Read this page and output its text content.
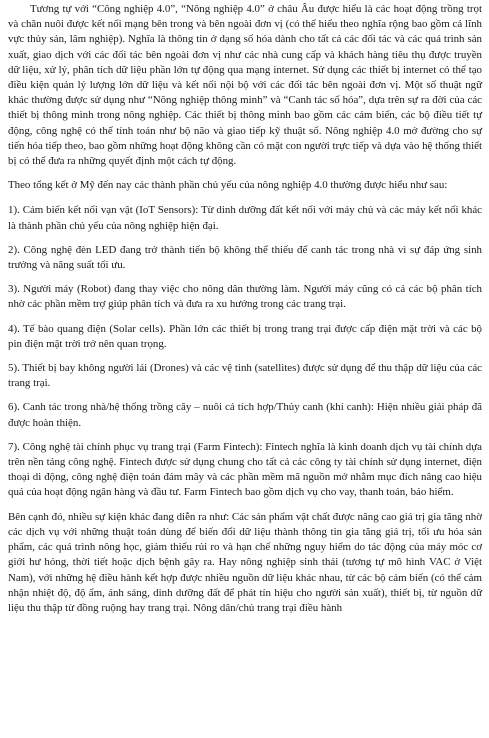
Tương tự với “Công nghiệp 4.0”, “Nông nghiệp 4.0” ở châu Âu được hiểu là các hoạt động trồng trọt và chăn nuôi được kết nối mạng bên trong và bên ngoài đơn vị (có thể hiểu theo nghĩa rộng bao gồm cả lĩnh vực thủy sản, lâm nghiệp). Nghĩa là thông tin ở dạng số hóa dành cho tất cả các đối tác và các quá trình sản xuất, giao dịch với các đối tác bên ngoài đơn vị như các nhà cung cấp và khách hàng tiêu thụ được truyền dữ liệu, xử lý, phân tích dữ liệu phần lớn tự động qua mạng internet. Sử dụng các thiết bị internet có thể tạo điều kiện quản lý lượng lớn dữ liệu và kết nối nội bộ với các đối tác bên ngoài đơn vị. Một số thuật ngữ khác thường được sử dụng như “Nông nghiệp thông minh” và “Canh tác số hóa”, dựa trên sự ra đời của các thiết bị thông minh trong nông nghiệp. Các thiết bị thông minh bao gồm các cảm biến, các bộ điều tiết tự động, công nghệ có thể tính toán như bộ não và giao tiếp kỹ thuật số. Nông nghiệp 4.0 mở đường cho sự tiến hóa tiếp theo, bao gồm những hoạt động không cần có mặt con người trực tiếp và dựa vào hệ thống thiết bị có thể đưa ra những quyết định một cách tự động.

Theo tổng kết ở Mỹ đến nay các thành phần chủ yếu của nông nghiệp 4.0 thường được hiểu như sau:

1). Cảm biến kết nối vạn vật (IoT Sensors): Từ dinh dưỡng đất kết nối với máy chủ và các máy kết nối khác là thành phần chủ yếu của nông nghiệp hiện đại.

2). Công nghệ đèn LED đang trở thành tiến bộ không thể thiếu để canh tác trong nhà vì sự đáp ứng sinh trưởng và năng suất tối ưu.

3). Người máy (Robot) đang thay việc cho nông dân thường làm. Người máy cũng có cả các bộ phân tích nhờ các phần mềm trợ giúp phân tích và đưa ra xu hướng trong các trang trại.

4). Tế bào quang điện (Solar cells). Phần lớn các thiết bị trong trang trại được cấp điện mặt trời và các bộ pin điện mặt trời trở nên quan trọng.

5). Thiết bị bay không người lái (Drones) và các vệ tinh (satellites) được sử dụng để thu thập dữ liệu của các trang trại.

6). Canh tác trong nhà/hệ thống trồng cây – nuôi cá tích hợp/Thủy canh (khí canh): Hiện nhiều giải pháp đã được hoàn thiện.

7). Công nghệ tài chính phục vụ trang trại (Farm Fintech): Fintech nghĩa là kinh doanh dịch vụ tài chính dựa trên nền tảng công nghệ. Fintech được sử dụng chung cho tất cả các công ty tài chính sử dụng internet, điện thoại di động, công nghệ điện toán đám mây và các phần mềm mã nguồn mở nhằm mục đích nâng cao hiệu quả của hoạt động ngân hàng và đầu tư. Farm Fintech bao gồm dịch vụ cho vay, thanh toán, bảo hiểm.

Bên cạnh đó, nhiều sự kiện khác đang diễn ra như: Các sản phẩm vật chất được nâng cao giá trị gia tăng nhờ các dịch vụ với những thuật toán dùng để biến đổi dữ liệu thành thông tin gia tăng giá trị, tối ưu hóa sản phẩm, các quá trình nông học, giảm thiểu rủi ro và hạn chế những nguy hiểm do tác động của máy móc cơ giới hư hỏng, thời tiết hoặc dịch bệnh gây ra. Hay nông nghiệp sinh thái (tương tự mô hình VAC ở Việt Nam), với những hệ điều hành kết hợp được nhiều nguồn dữ liệu khác nhau, từ các bộ cảm biến (có thể cảm nhận nhiệt độ, độ ẩm, ánh sáng, dinh dưỡng đất để phát tín hiệu cho người sản xuất), thiết bị, từ nguồn dữ liệu thu thập từ đồng ruộng hay trang trại. Nông dân/chủ trang trại điều hành
